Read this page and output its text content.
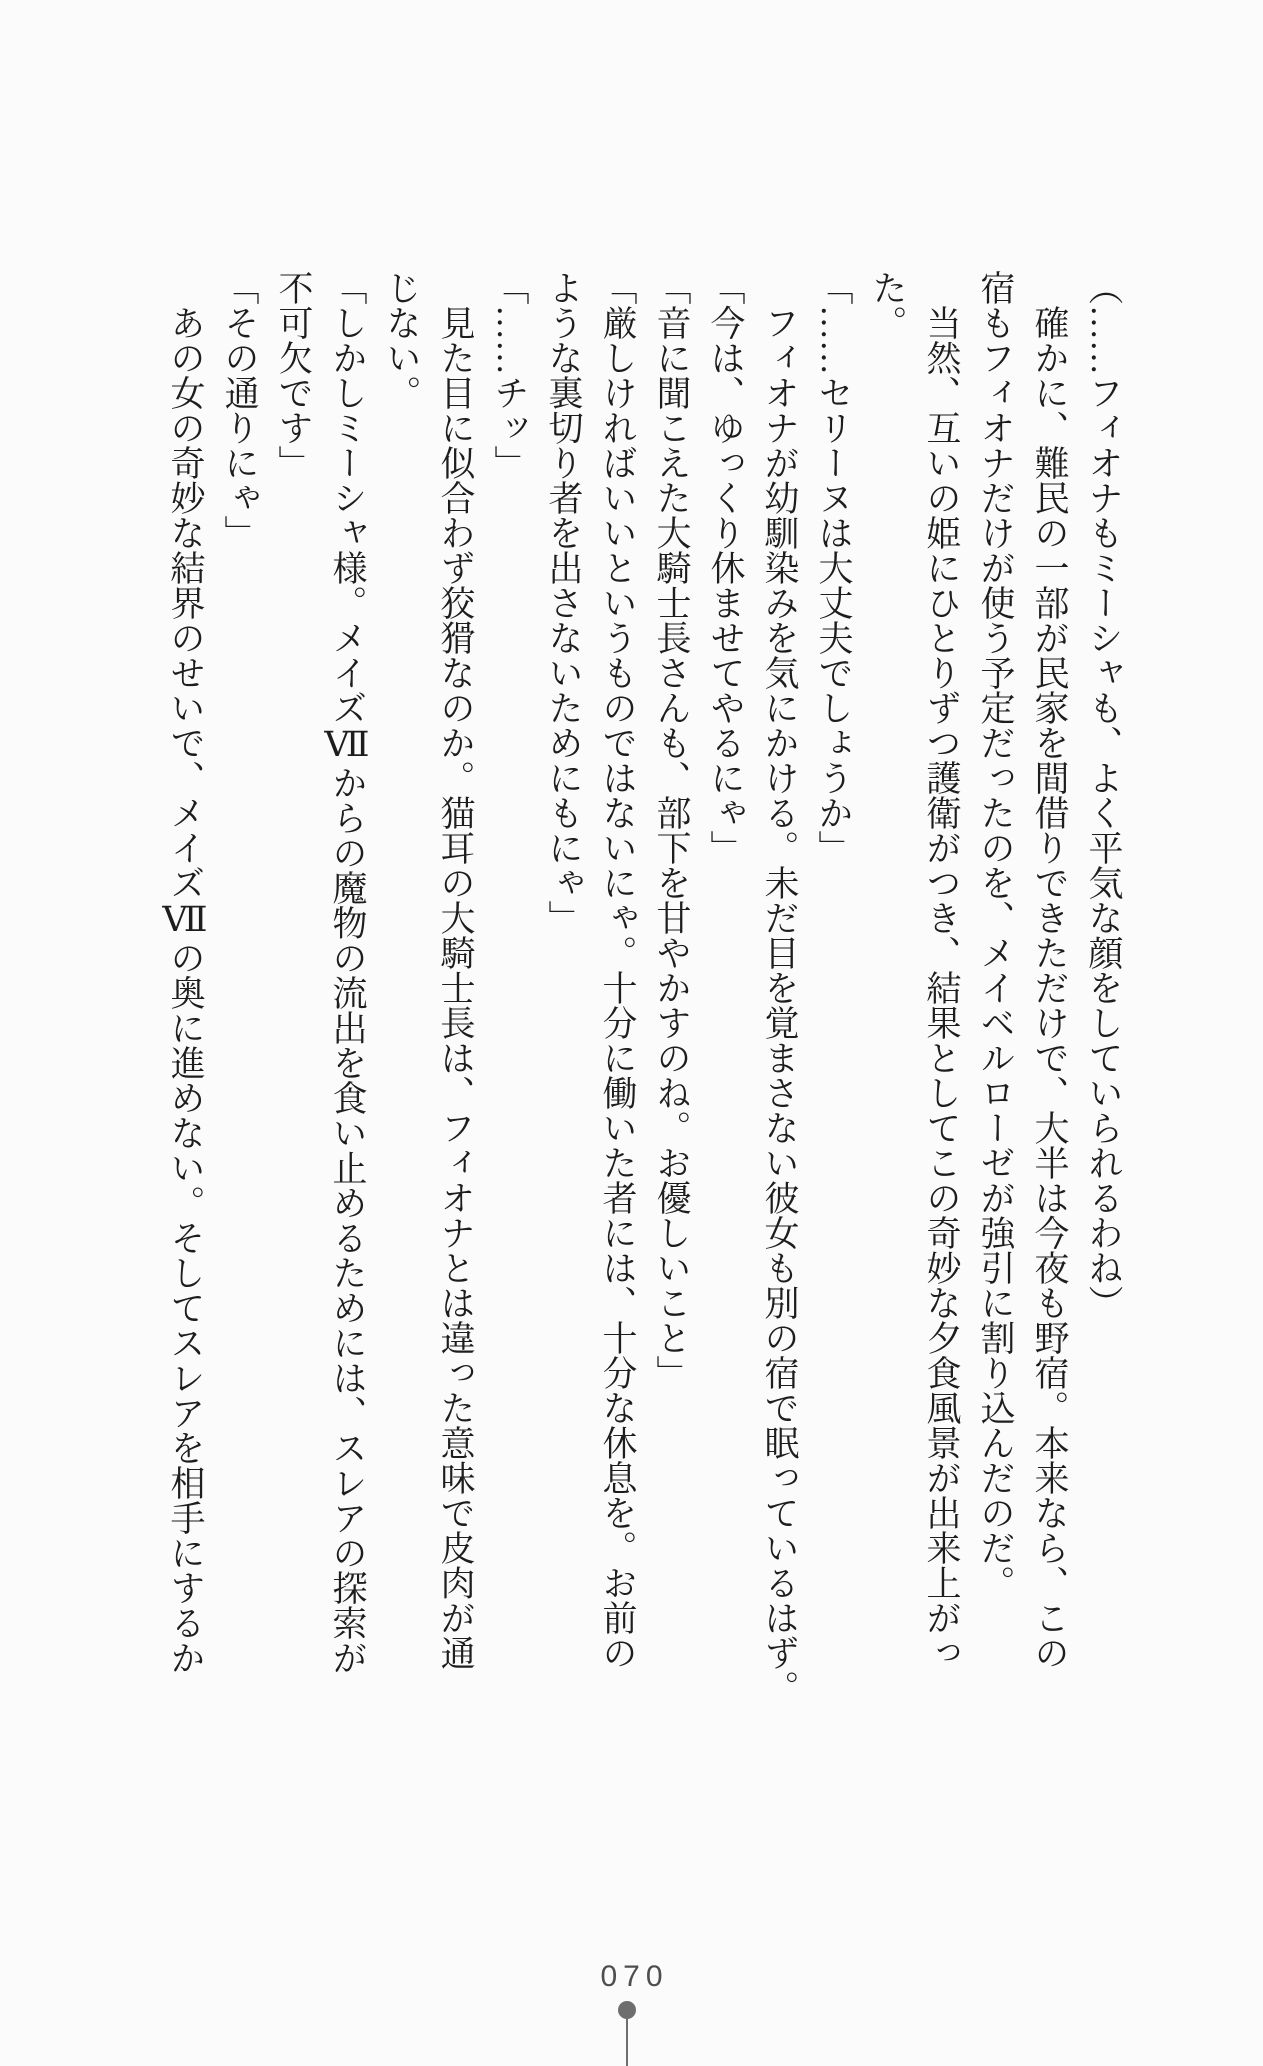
（……フィオナもミーシャも、よく平気な顔をしていられるわね）
　確かに、難民の一部が民家を間借りできただけで、大半は今夜も野宿。本来なら、この
宿もフィオナだけが使う予定だったのを、メイベルローゼが強引に割り込んだのだ。
　当然、互いの姫にひとりずつ護衛がつき、結果としてこの奇妙な夕食風景が出来上がっ
た。
「……セリーヌは大丈夫でしょうか」
　フィオナが幼馴染みを気にかける。未だ目を覚まさない彼女も別の宿で眠っているはず。
「今は、ゆっくり休ませてやるにゃ」
「音に聞こえた大騎士長さんも、部下を甘やかすのね。お優しいこと」
「厳しければいいというものではないにゃ。十分に働いた者には、十分な休息を。お前の
ような裏切り者を出さないためにもにゃ」
「……チッ」
　見た目に似合わず狡猾なのか。猫耳の大騎士長は、フィオナとは違った意味で皮肉が通
じない。
「しかしミーシャ様。メイズⅦからの魔物の流出を食い止めるためには、スレアの探索が
不可欠です」
「その通りにゃ」
　あの女の奇妙な結界のせいで、メイズⅦの奥に進めない。そしてスレアを相手にするか
070
